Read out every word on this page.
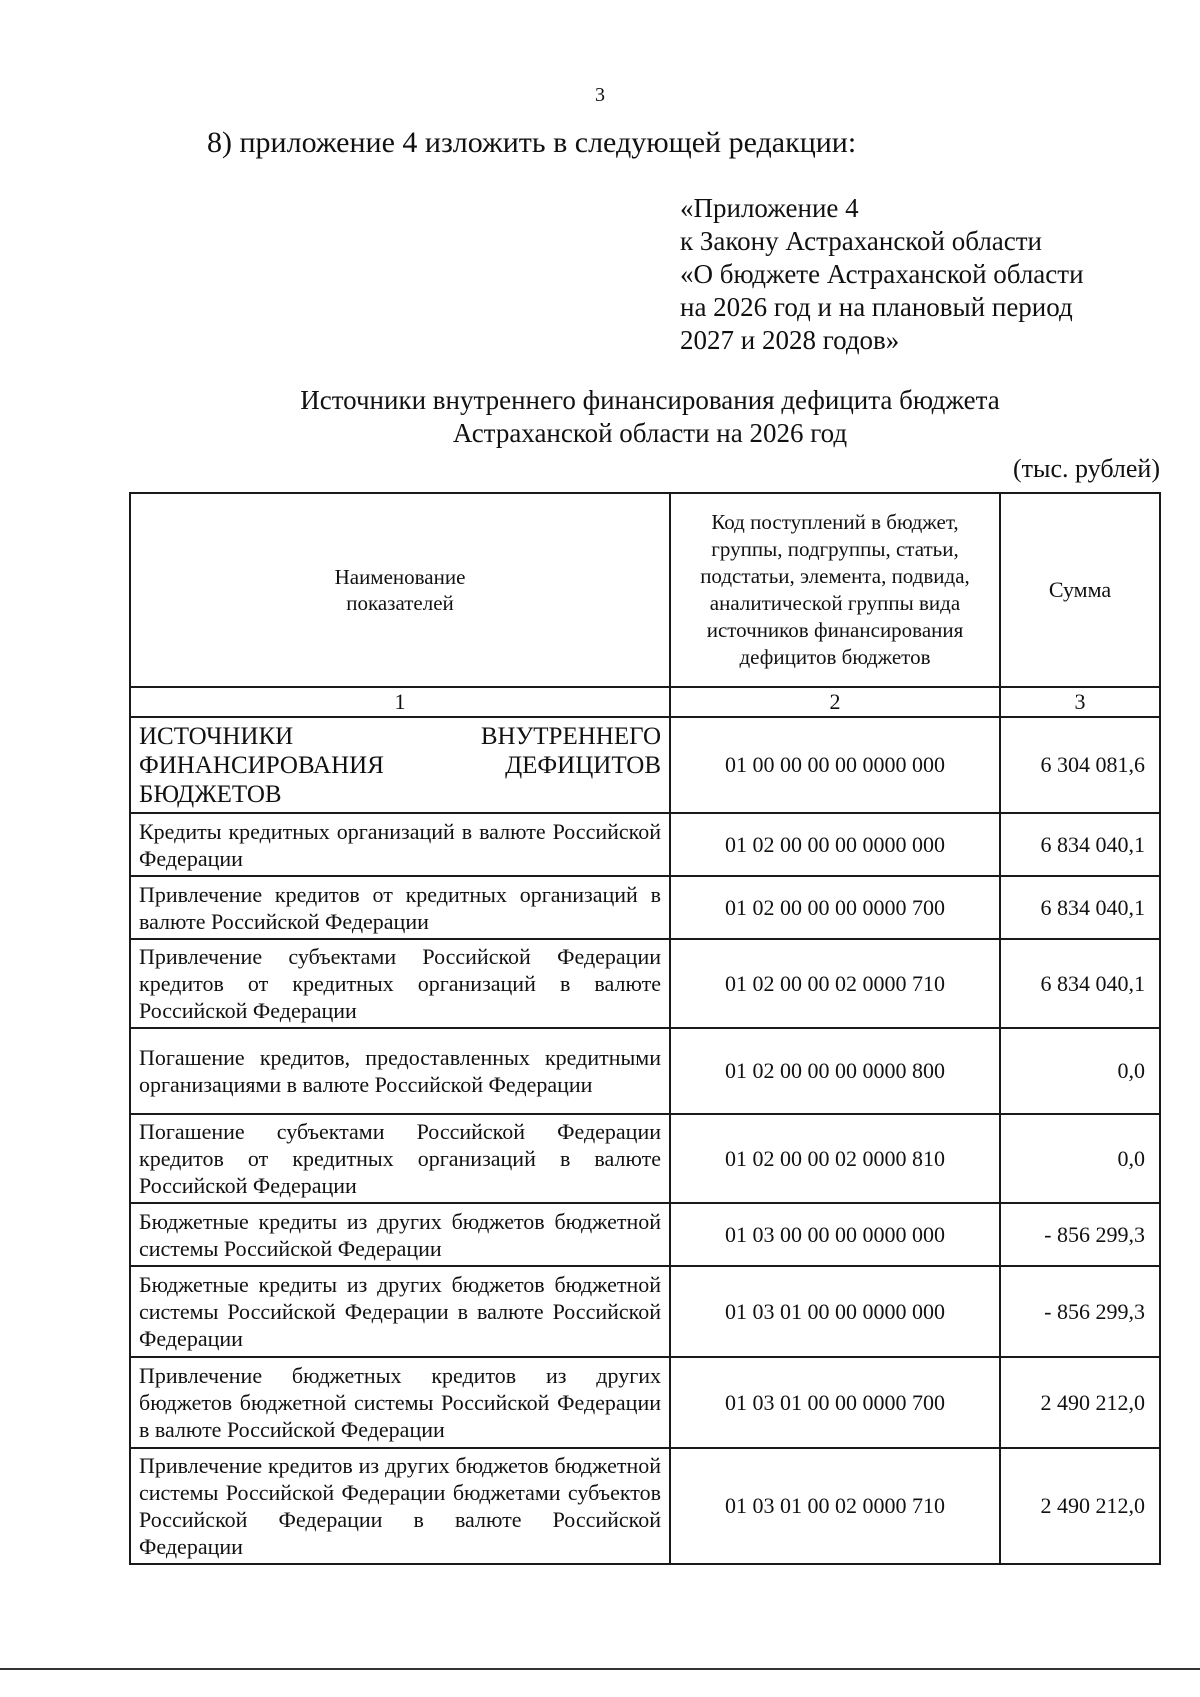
3
8) приложение 4 изложить в следующей редакции:
«Приложение 4
к Закону Астраханской области
«О бюджете Астраханской области
на 2026 год и на плановый период
2027 и 2028 годов»
Источники внутреннего финансирования дефицита бюджета
Астраханской области на 2026 год
(тыс. рублей)
Наименование показателей	Код поступлений в бюджет, группы, подгруппы, статьи, подстатьи, элемента, подвида, аналитической группы вида источников финансирования дефицитов бюджетов	Сумма
1	2	3
ИСТОЧНИКИ ВНУТРЕННЕГО ФИНАНСИРОВАНИЯ ДЕФИЦИТОВ БЮДЖЕТОВ	01 00 00 00 00 0000 000	6 304 081,6
Кредиты кредитных организаций в валюте Российской Федерации	01 02 00 00 00 0000 000	6 834 040,1
Привлечение кредитов от кредитных организаций в валюте Российской Федерации	01 02 00 00 00 0000 700	6 834 040,1
Привлечение субъектами Российской Федерации кредитов от кредитных организаций в валюте Российской Федерации	01 02 00 00 02 0000 710	6 834 040,1
Погашение кредитов, предоставленных кредитными организациями в валюте Российской Федерации	01 02 00 00 00 0000 800	0,0
Погашение субъектами Российской Федерации кредитов от кредитных организаций в валюте Российской Федерации	01 02 00 00 02 0000 810	0,0
Бюджетные кредиты из других бюджетов бюджетной системы Российской Федерации	01 03 00 00 00 0000 000	- 856 299,3
Бюджетные кредиты из других бюджетов бюджетной системы Российской Федерации в валюте Российской Федерации	01 03 01 00 00 0000 000	- 856 299,3
Привлечение бюджетных кредитов из других бюджетов бюджетной системы Российской Федерации в валюте Российской Федерации	01 03 01 00 00 0000 700	2 490 212,0
Привлечение кредитов из других бюджетов бюджетной системы Российской Федерации бюджетами субъектов Российской Федерации в валюте Российской Федерации	01 03 01 00 02 0000 710	2 490 212,0
